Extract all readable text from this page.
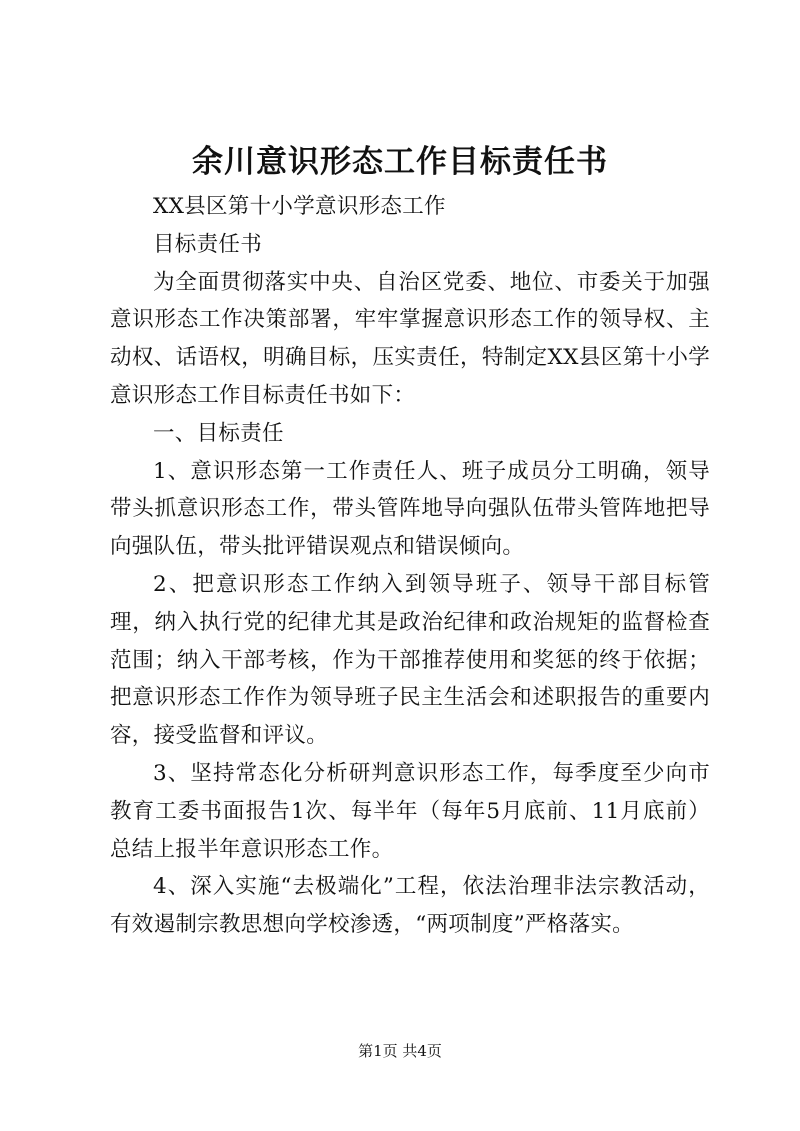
余川意识形态工作目标责任书

XX县区第十小学意识形态工作

目标责任书

为全面贯彻落实中央、自治区党委、地位、市委关于加强意识形态工作决策部署，牢牢掌握意识形态工作的领导权、主动权、话语权，明确目标，压实责任，特制定XX县区第十小学意识形态工作目标责任书如下：

一、目标责任

1、意识形态第一工作责任人、班子成员分工明确，领导带头抓意识形态工作，带头管阵地导向强队伍带头管阵地把导向强队伍，带头批评错误观点和错误倾向。

2、把意识形态工作纳入到领导班子、领导干部目标管理，纳入执行党的纪律尤其是政治纪律和政治规矩的监督检查范围；纳入干部考核，作为干部推荐使用和奖惩的终于依据；把意识形态工作作为领导班子民主生活会和述职报告的重要内容，接受监督和评议。

3、坚持常态化分析研判意识形态工作，每季度至少向市教育工委书面报告1次、每半年（每年5月底前、11月底前）总结上报半年意识形态工作。

4、深入实施“去极端化”工程，依法治理非法宗教活动，有效遏制宗教思想向学校渗透，“两项制度”严格落实。

第1页 共4页
